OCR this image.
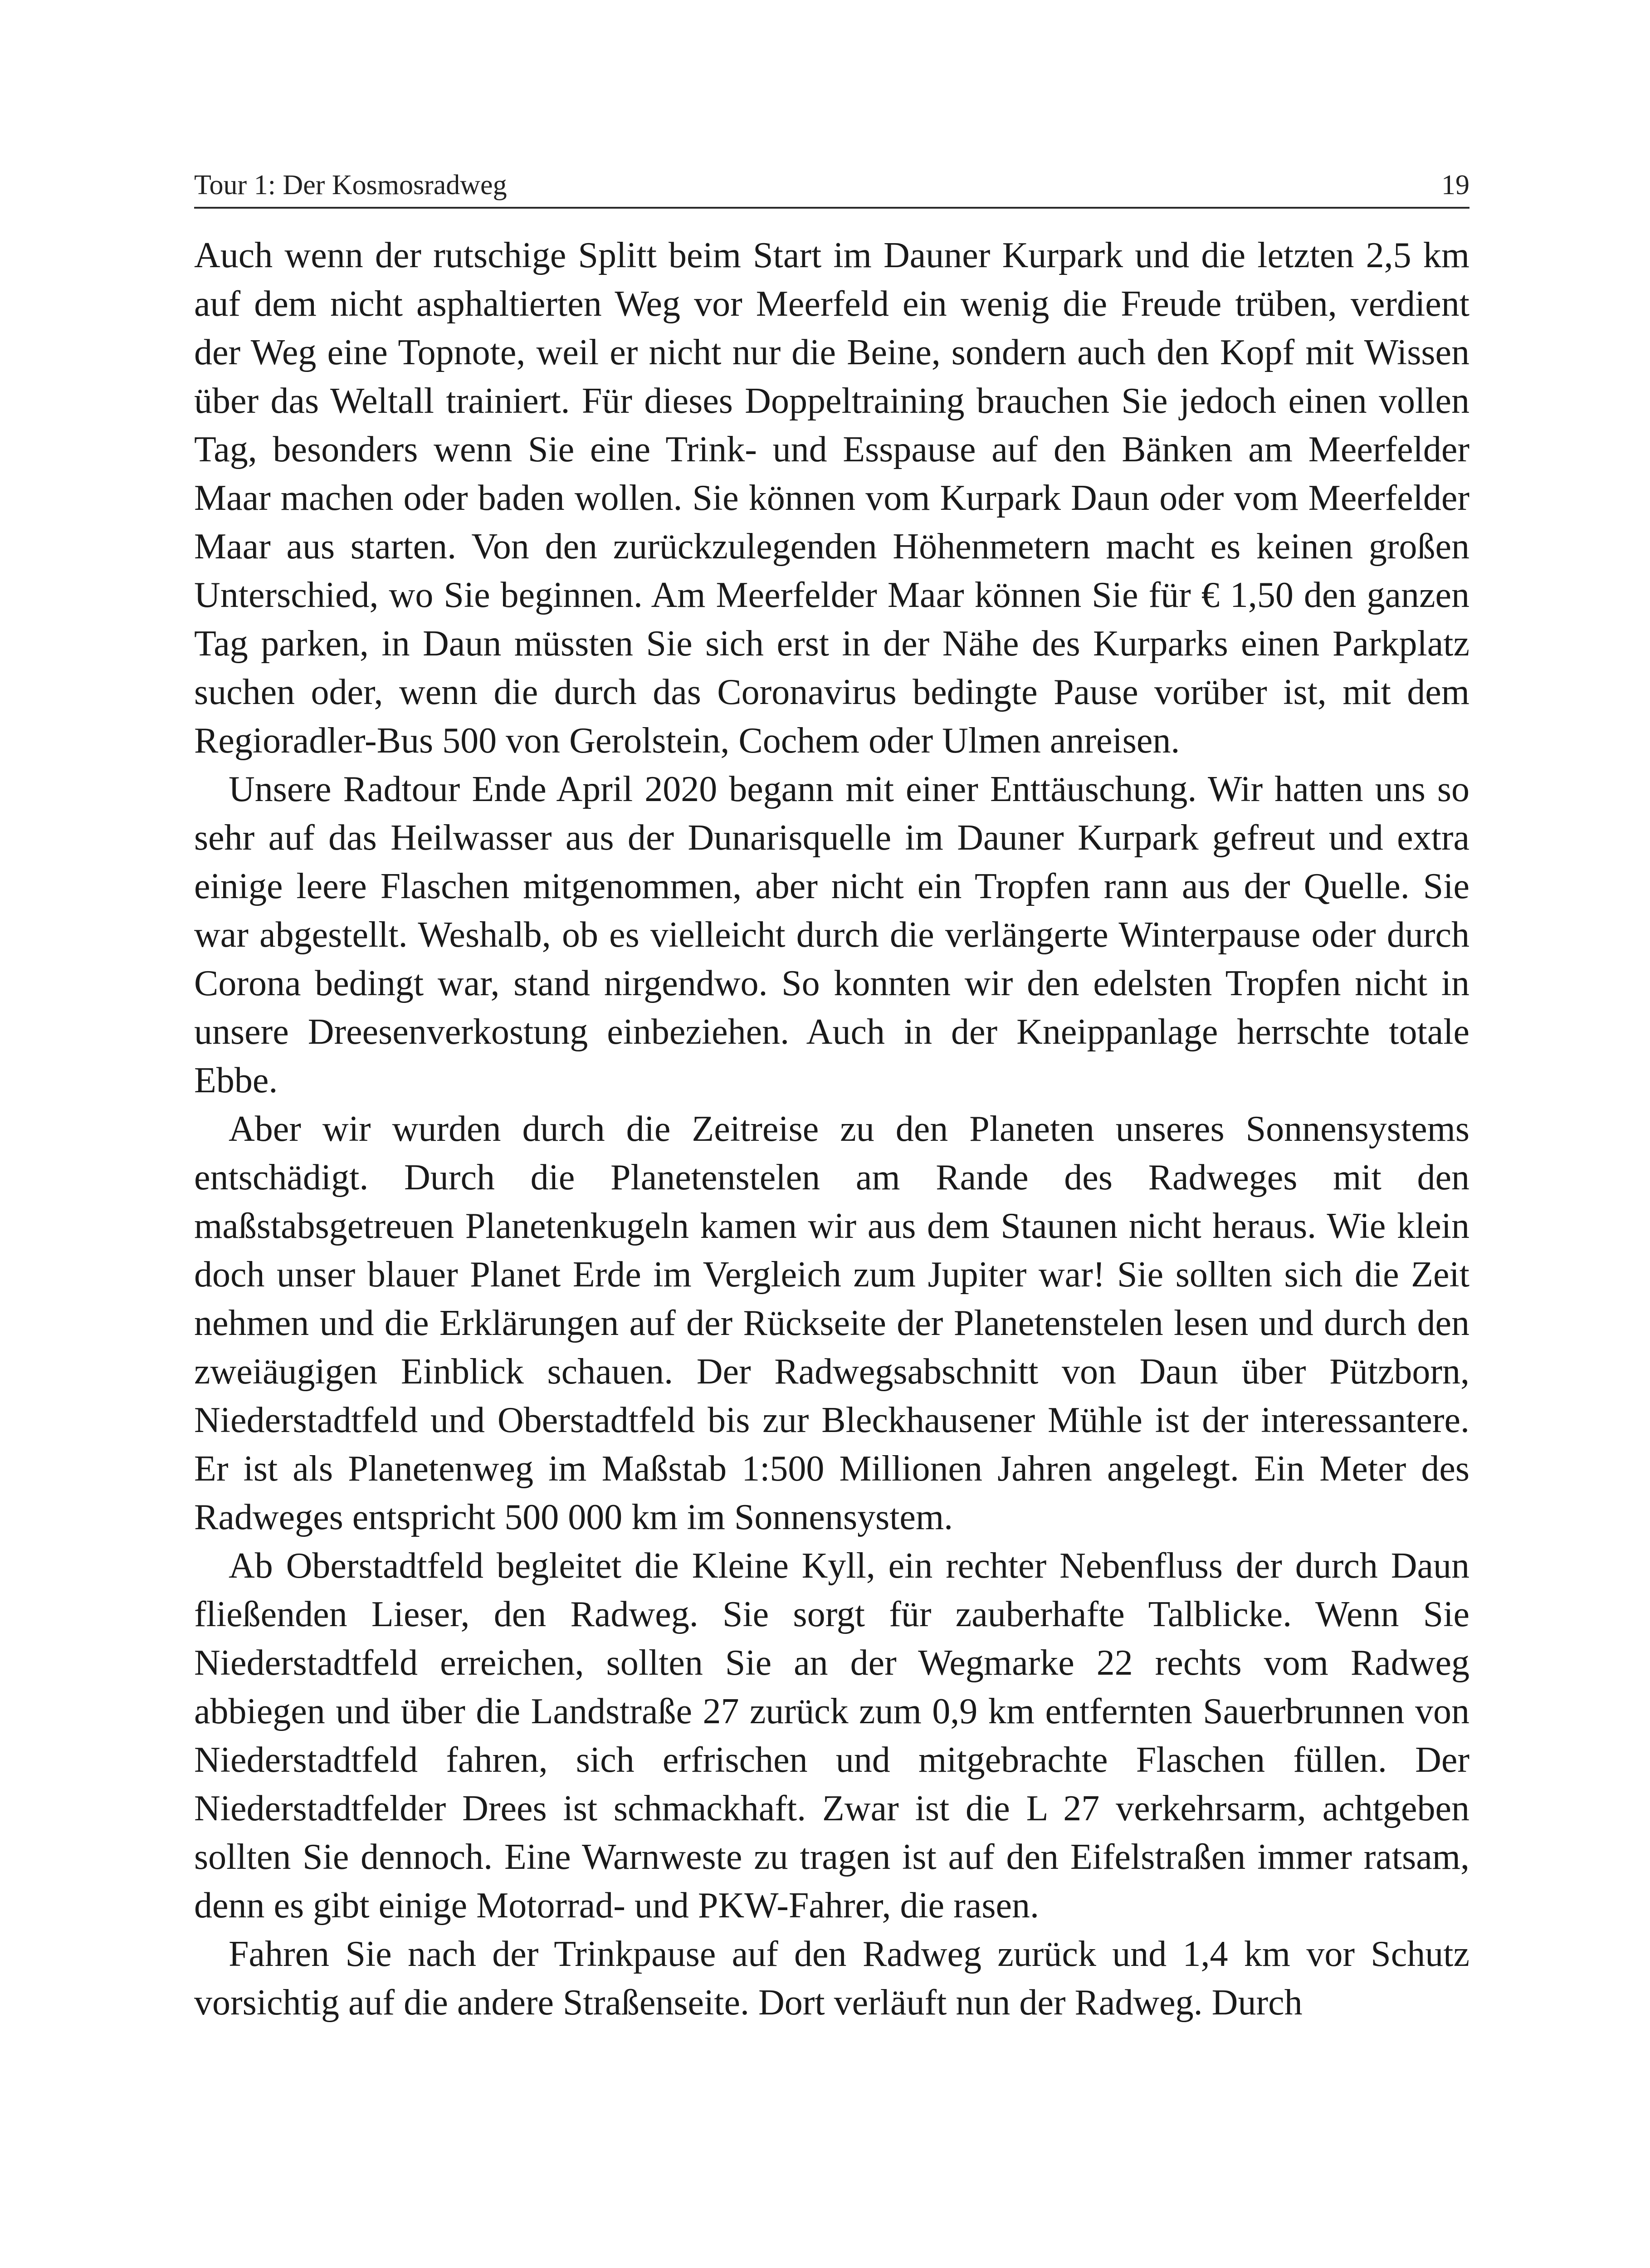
Tour 1: Der Kosmosradweg	19

Auch wenn der rutschige Splitt beim Start im Dauner Kurpark und die letzten 2,5 km auf dem nicht asphaltierten Weg vor Meerfeld ein wenig die Freude trüben, verdient der Weg eine Topnote, weil er nicht nur die Beine, sondern auch den Kopf mit Wissen über das Weltall trainiert. Für dieses Doppeltraining brauchen Sie jedoch einen vollen Tag, besonders wenn Sie eine Trink- und Esspause auf den Bänken am Meerfelder Maar machen oder baden wollen. Sie können vom Kurpark Daun oder vom Meerfelder Maar aus starten. Von den zurückzulegenden Höhenmetern macht es keinen großen Unterschied, wo Sie beginnen. Am Meerfelder Maar können Sie für € 1,50 den ganzen Tag parken, in Daun müssten Sie sich erst in der Nähe des Kurparks einen Parkplatz suchen oder, wenn die durch das Coronavirus bedingte Pause vorüber ist, mit dem Regioradler-Bus 500 von Gerolstein, Cochem oder Ulmen anreisen.

Unsere Radtour Ende April 2020 begann mit einer Enttäuschung. Wir hatten uns so sehr auf das Heilwasser aus der Dunarisquelle im Dauner Kurpark gefreut und extra einige leere Flaschen mitgenommen, aber nicht ein Tropfen rann aus der Quelle. Sie war abgestellt. Weshalb, ob es vielleicht durch die verlängerte Winterpause oder durch Corona bedingt war, stand nirgendwo. So konnten wir den edelsten Tropfen nicht in unsere Dreesenverkostung einbeziehen. Auch in der Kneippanlage herrschte totale Ebbe.

Aber wir wurden durch die Zeitreise zu den Planeten unseres Sonnensystems entschädigt. Durch die Planetenstelen am Rande des Radweges mit den maßstabsgetreuen Planetenkugeln kamen wir aus dem Staunen nicht heraus. Wie klein doch unser blauer Planet Erde im Vergleich zum Jupiter war! Sie sollten sich die Zeit nehmen und die Erklärungen auf der Rückseite der Planetenstelen lesen und durch den zweiäugigen Einblick schauen. Der Radwegsabschnitt von Daun über Pützborn, Niederstadtfeld und Oberstadtfeld bis zur Bleckhausener Mühle ist der interessantere. Er ist als Planetenweg im Maßstab 1:500 Millionen Jahren angelegt. Ein Meter des Radweges entspricht 500 000 km im Sonnensystem.

Ab Oberstadtfeld begleitet die Kleine Kyll, ein rechter Nebenfluss der durch Daun fließenden Lieser, den Radweg. Sie sorgt für zauberhafte Talblicke. Wenn Sie Niederstadtfeld erreichen, sollten Sie an der Wegmarke 22 rechts vom Radweg abbiegen und über die Landstraße 27 zurück zum 0,9 km entfernten Sauerbrunnen von Niederstadtfeld fahren, sich erfrischen und mitgebrachte Flaschen füllen. Der Niederstadtfelder Drees ist schmackhaft. Zwar ist die L 27 verkehrsarm, achtgeben sollten Sie dennoch. Eine Warnweste zu tragen ist auf den Eifelstraßen immer ratsam, denn es gibt einige Motorrad- und PKW-Fahrer, die rasen.

Fahren Sie nach der Trinkpause auf den Radweg zurück und 1,4 km vor Schutz vorsichtig auf die andere Straßenseite. Dort verläuft nun der Radweg. Durch
